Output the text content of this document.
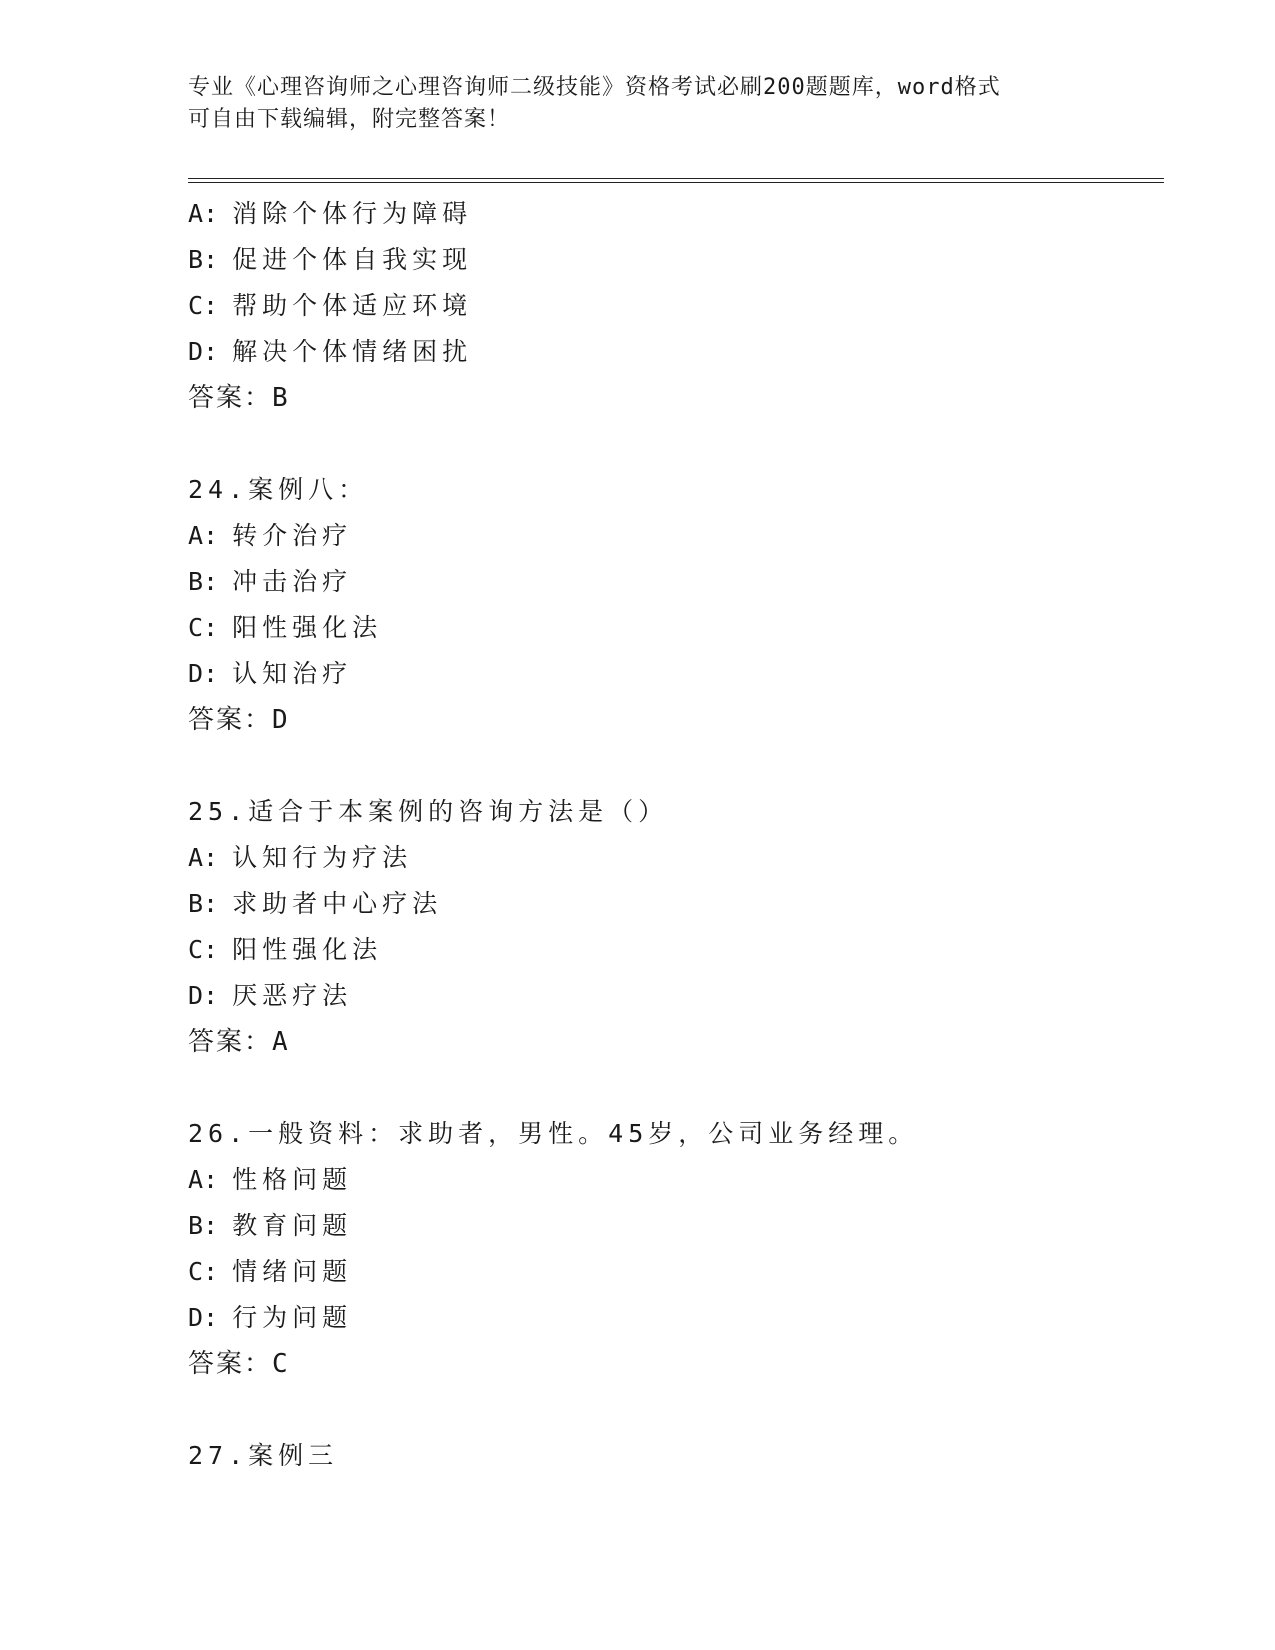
专业《心理咨询师之心理咨询师二级技能》资格考试必刷200题题库，word格式
可自由下载编辑，附完整答案！
A: 消除个体行为障碍
B: 促进个体自我实现
C: 帮助个体适应环境
D: 解决个体情绪困扰
答案：B
24.案例八：
A: 转介治疗
B: 冲击治疗
C: 阳性强化法
D: 认知治疗
答案：D
25.适合于本案例的咨询方法是（）
A: 认知行为疗法
B: 求助者中心疗法
C: 阳性强化法
D: 厌恶疗法
答案：A
26.一般资料：求助者，男性。45岁，公司业务经理。
A: 性格问题
B: 教育问题
C: 情绪问题
D: 行为问题
答案：C
27.案例三
